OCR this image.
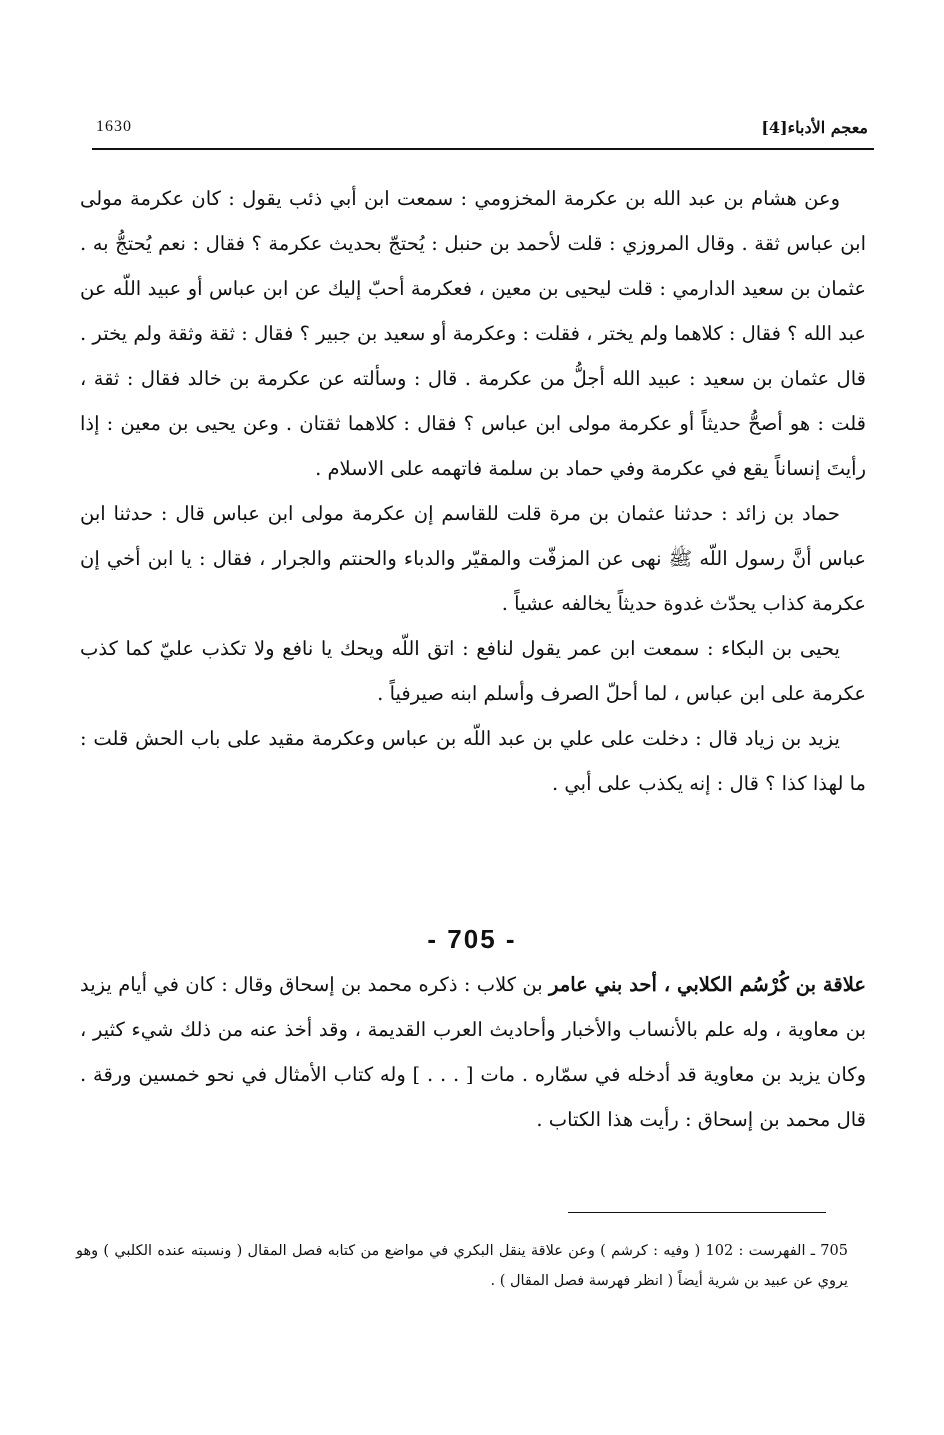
1630	معجم الأدباء[4]

وعن هشام بن عبد الله بن عكرمة المخزومي : سمعت ابن أبي ذئب يقول : كان عكرمة مولى ابن عباس ثقة . وقال المروزي : قلت لأحمد بن حنبل : يُحتجّ بحديث عكرمة ؟ فقال : نعم يُحتجُّ به . عثمان بن سعيد الدارمي : قلت ليحيى بن معين ، فعكرمة أحبّ إليك عن ابن عباس أو عبيد اللّه عن عبد الله ؟ فقال : كلاهما ولم يختر ، فقلت : وعكرمة أو سعيد بن جبير ؟ فقال : ثقة وثقة ولم يختر . قال عثمان بن سعيد : عبيد الله أجلُّ من عكرمة . قال : وسألته عن عكرمة بن خالد فقال : ثقة ، قلت : هو أصحُّ حديثاً أو عكرمة مولى ابن عباس ؟ فقال : كلاهما ثقتان . وعن يحيى بن معين : إذا رأيتَ إنساناً يقع في عكرمة وفي حماد بن سلمة فاتهمه على الاسلام .

حماد بن زائد : حدثنا عثمان بن مرة قلت للقاسم إن عكرمة مولى ابن عباس قال : حدثنا ابن عباس أنَّ رسول اللّه ﷺ نهى عن المزفّت والمقيّر والدباء والحنتم والجرار ، فقال : يا ابن أخي إن عكرمة كذاب يحدّث غدوة حديثاً يخالفه عشياً .

يحيى بن البكاء : سمعت ابن عمر يقول لنافع : اتق اللّه ويحك يا نافع ولا تكذب عليّ كما كذب عكرمة على ابن عباس ، لما أحلّ الصرف وأسلم ابنه صيرفياً .

يزيد بن زياد قال : دخلت على علي بن عبد اللّه بن عباس وعكرمة مقيد على باب الحش قلت : ما لهذا كذا ؟ قال : إنه يكذب على أبي .

- 705 -
علاقة بن كُرْسُم الكلابي ، أحد بني عامر بن كلاب : ذكره محمد بن إسحاق وقال : كان في أيام يزيد بن معاوية ، وله علم بالأنساب والأخبار وأحاديث العرب القديمة ، وقد أخذ عنه من ذلك شيء كثير ، وكان يزيد بن معاوية قد أدخله في سمّاره . مات [ . . . ] وله كتاب الأمثال في نحو خمسين ورقة . قال محمد بن إسحاق : رأيت هذا الكتاب .
705 ـ الفهرست : 102 ( وفيه : كرشم ) وعن علاقة ينقل البكري في مواضع من كتابه فصل المقال ( ونسبته عنده الكلبي ) وهو يروي عن عبيد بن شرية أيضاً ( انظر فهرسة فصل المقال ) .
